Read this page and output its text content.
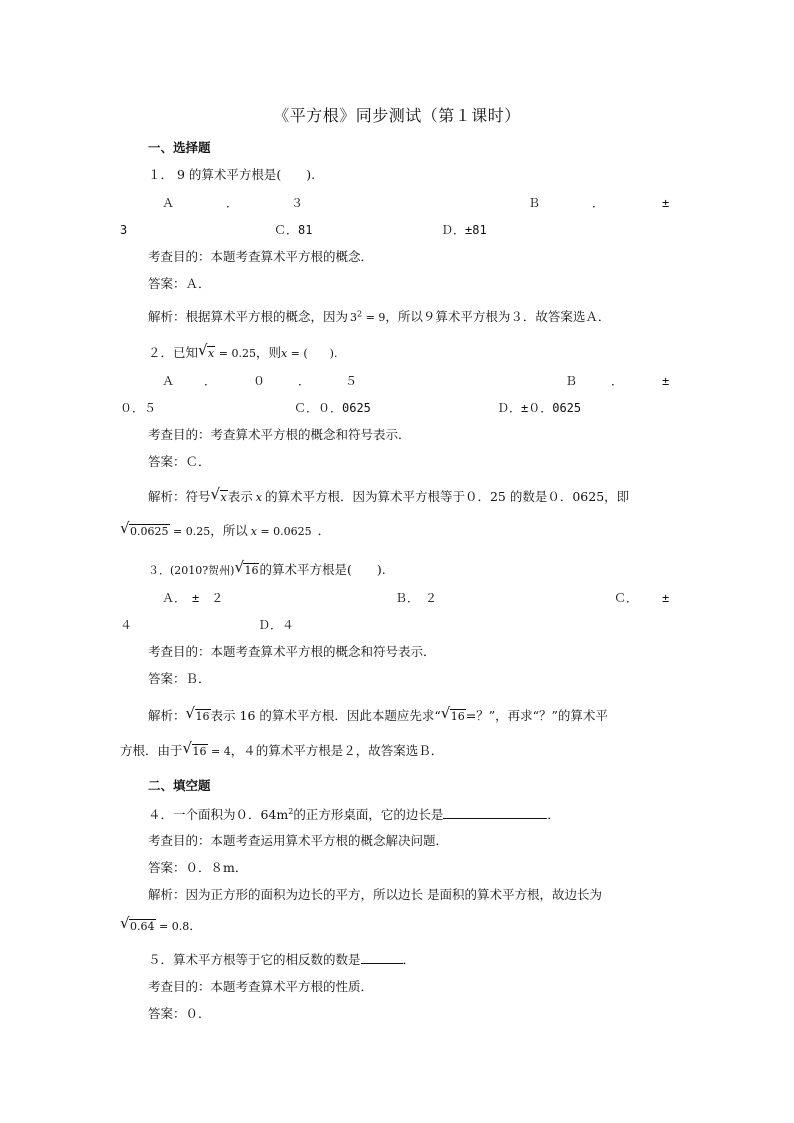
《平方根》同步测试（第１课时）
一、选择题
１． 9 的算术平方根是(　　).
Ａ	．	３	Ｂ	．	±
3	Ｃ．81	Ｄ．±81
考查目的：本题考查算术平方根的概念．
答案：Ａ．
解析：根据算术平方根的概念，因为 $3^2 = 9$，所以９算术平方根为３．故答案选Ａ．
２．已知 √ x = 0.25，则x = (　　).
Ａ ．	０	．	５	Ｂ	．	±
０．５	Ｃ．０．0625	Ｄ．±０．0625
考查目的：考查算术平方根的概念和符号表示．
答案：Ｃ．
解析：符号 √ x表示 x 的算术平方根．因为算术平方根等于０．25 的数是０．0625，即
√ 0.0625 = 0.25，所以 x = 0.0625 ．
３．(2010?贺州) √ 16的算术平方根是(　　).
Ａ．　±　２	Ｂ．　２	Ｃ． ±
４	Ｄ．４
考查目的：本题考查算术平方根的概念和符号表示．
答案：Ｂ．
解析： √ 16表示 16 的算术平方根．因此本题应先求“ √ 16=？”，再求“？”的算术平
方根．由于 √ 16 = 4，４的算术平方根是２，故答案选Ｂ．
二、填空题
４．一个面积为０．$64m^2$的正方形桌面，它的边长是	．
考查目的：本题考查运用算术平方根的概念解决问题．
答案：０．８m．
解析：因为正方形的面积为边长的平方，所以边长 是面积的算术平方根，故边长为
√ 0.64 = 0.8．
５．算术平方根等于它的相反数的数是	．
考查目的：本题考查算术平方根的性质．
答案：０．
